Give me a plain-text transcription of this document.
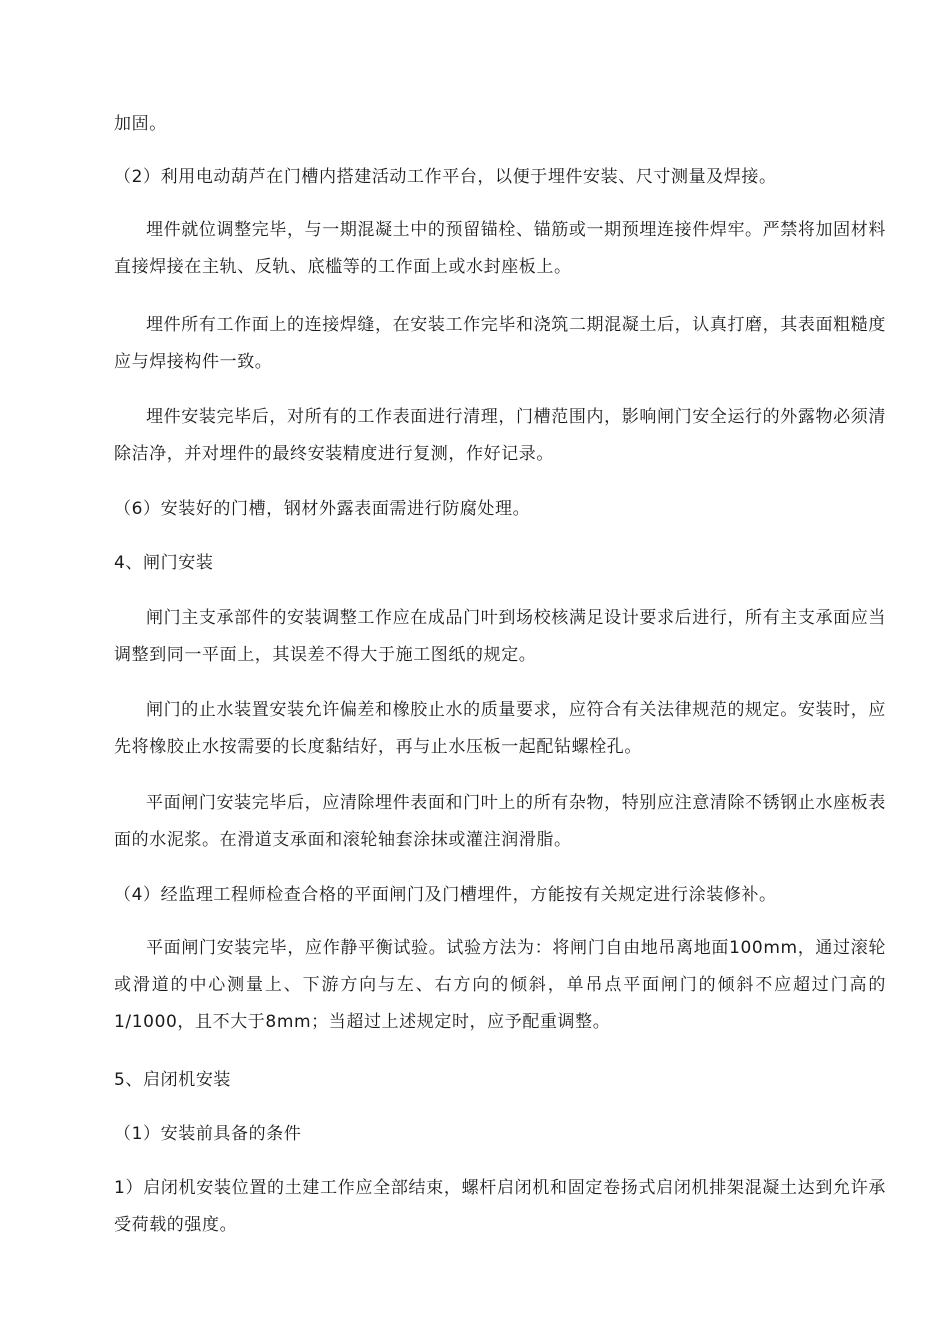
加固。

（2）利用电动葫芦在门槽内搭建活动工作平台，以便于埋件安装、尺寸测量及焊接。

埋件就位调整完毕，与一期混凝土中的预留锚栓、锚筋或一期预埋连接件焊牢。严禁将加固材料直接焊接在主轨、反轨、底槛等的工作面上或水封座板上。

埋件所有工作面上的连接焊缝，在安装工作完毕和浇筑二期混凝土后，认真打磨，其表面粗糙度应与焊接构件一致。

埋件安装完毕后，对所有的工作表面进行清理，门槽范围内，影响闸门安全运行的外露物必须清除洁净，并对埋件的最终安装精度进行复测，作好记录。

（6）安装好的门槽，钢材外露表面需进行防腐处理。

4、闸门安装

闸门主支承部件的安装调整工作应在成品门叶到场校核满足设计要求后进行，所有主支承面应当调整到同一平面上，其误差不得大于施工图纸的规定。

闸门的止水装置安装允许偏差和橡胶止水的质量要求，应符合有关法律规范的规定。安装时，应先将橡胶止水按需要的长度黏结好，再与止水压板一起配钻螺栓孔。

平面闸门安装完毕后，应清除埋件表面和门叶上的所有杂物，特别应注意清除不锈钢止水座板表面的水泥浆。在滑道支承面和滚轮轴套涂抹或灌注润滑脂。

（4）经监理工程师检查合格的平面闸门及门槽埋件，方能按有关规定进行涂装修补。

平面闸门安装完毕，应作静平衡试验。试验方法为：将闸门自由地吊离地面100mm，通过滚轮或滑道的中心测量上、下游方向与左、右方向的倾斜，单吊点平面闸门的倾斜不应超过门高的1/1000，且不大于8mm；当超过上述规定时，应予配重调整。

5、启闭机安装

（1）安装前具备的条件

1）启闭机安装位置的土建工作应全部结束，螺杆启闭机和固定卷扬式启闭机排架混凝土达到允许承受荷载的强度。
